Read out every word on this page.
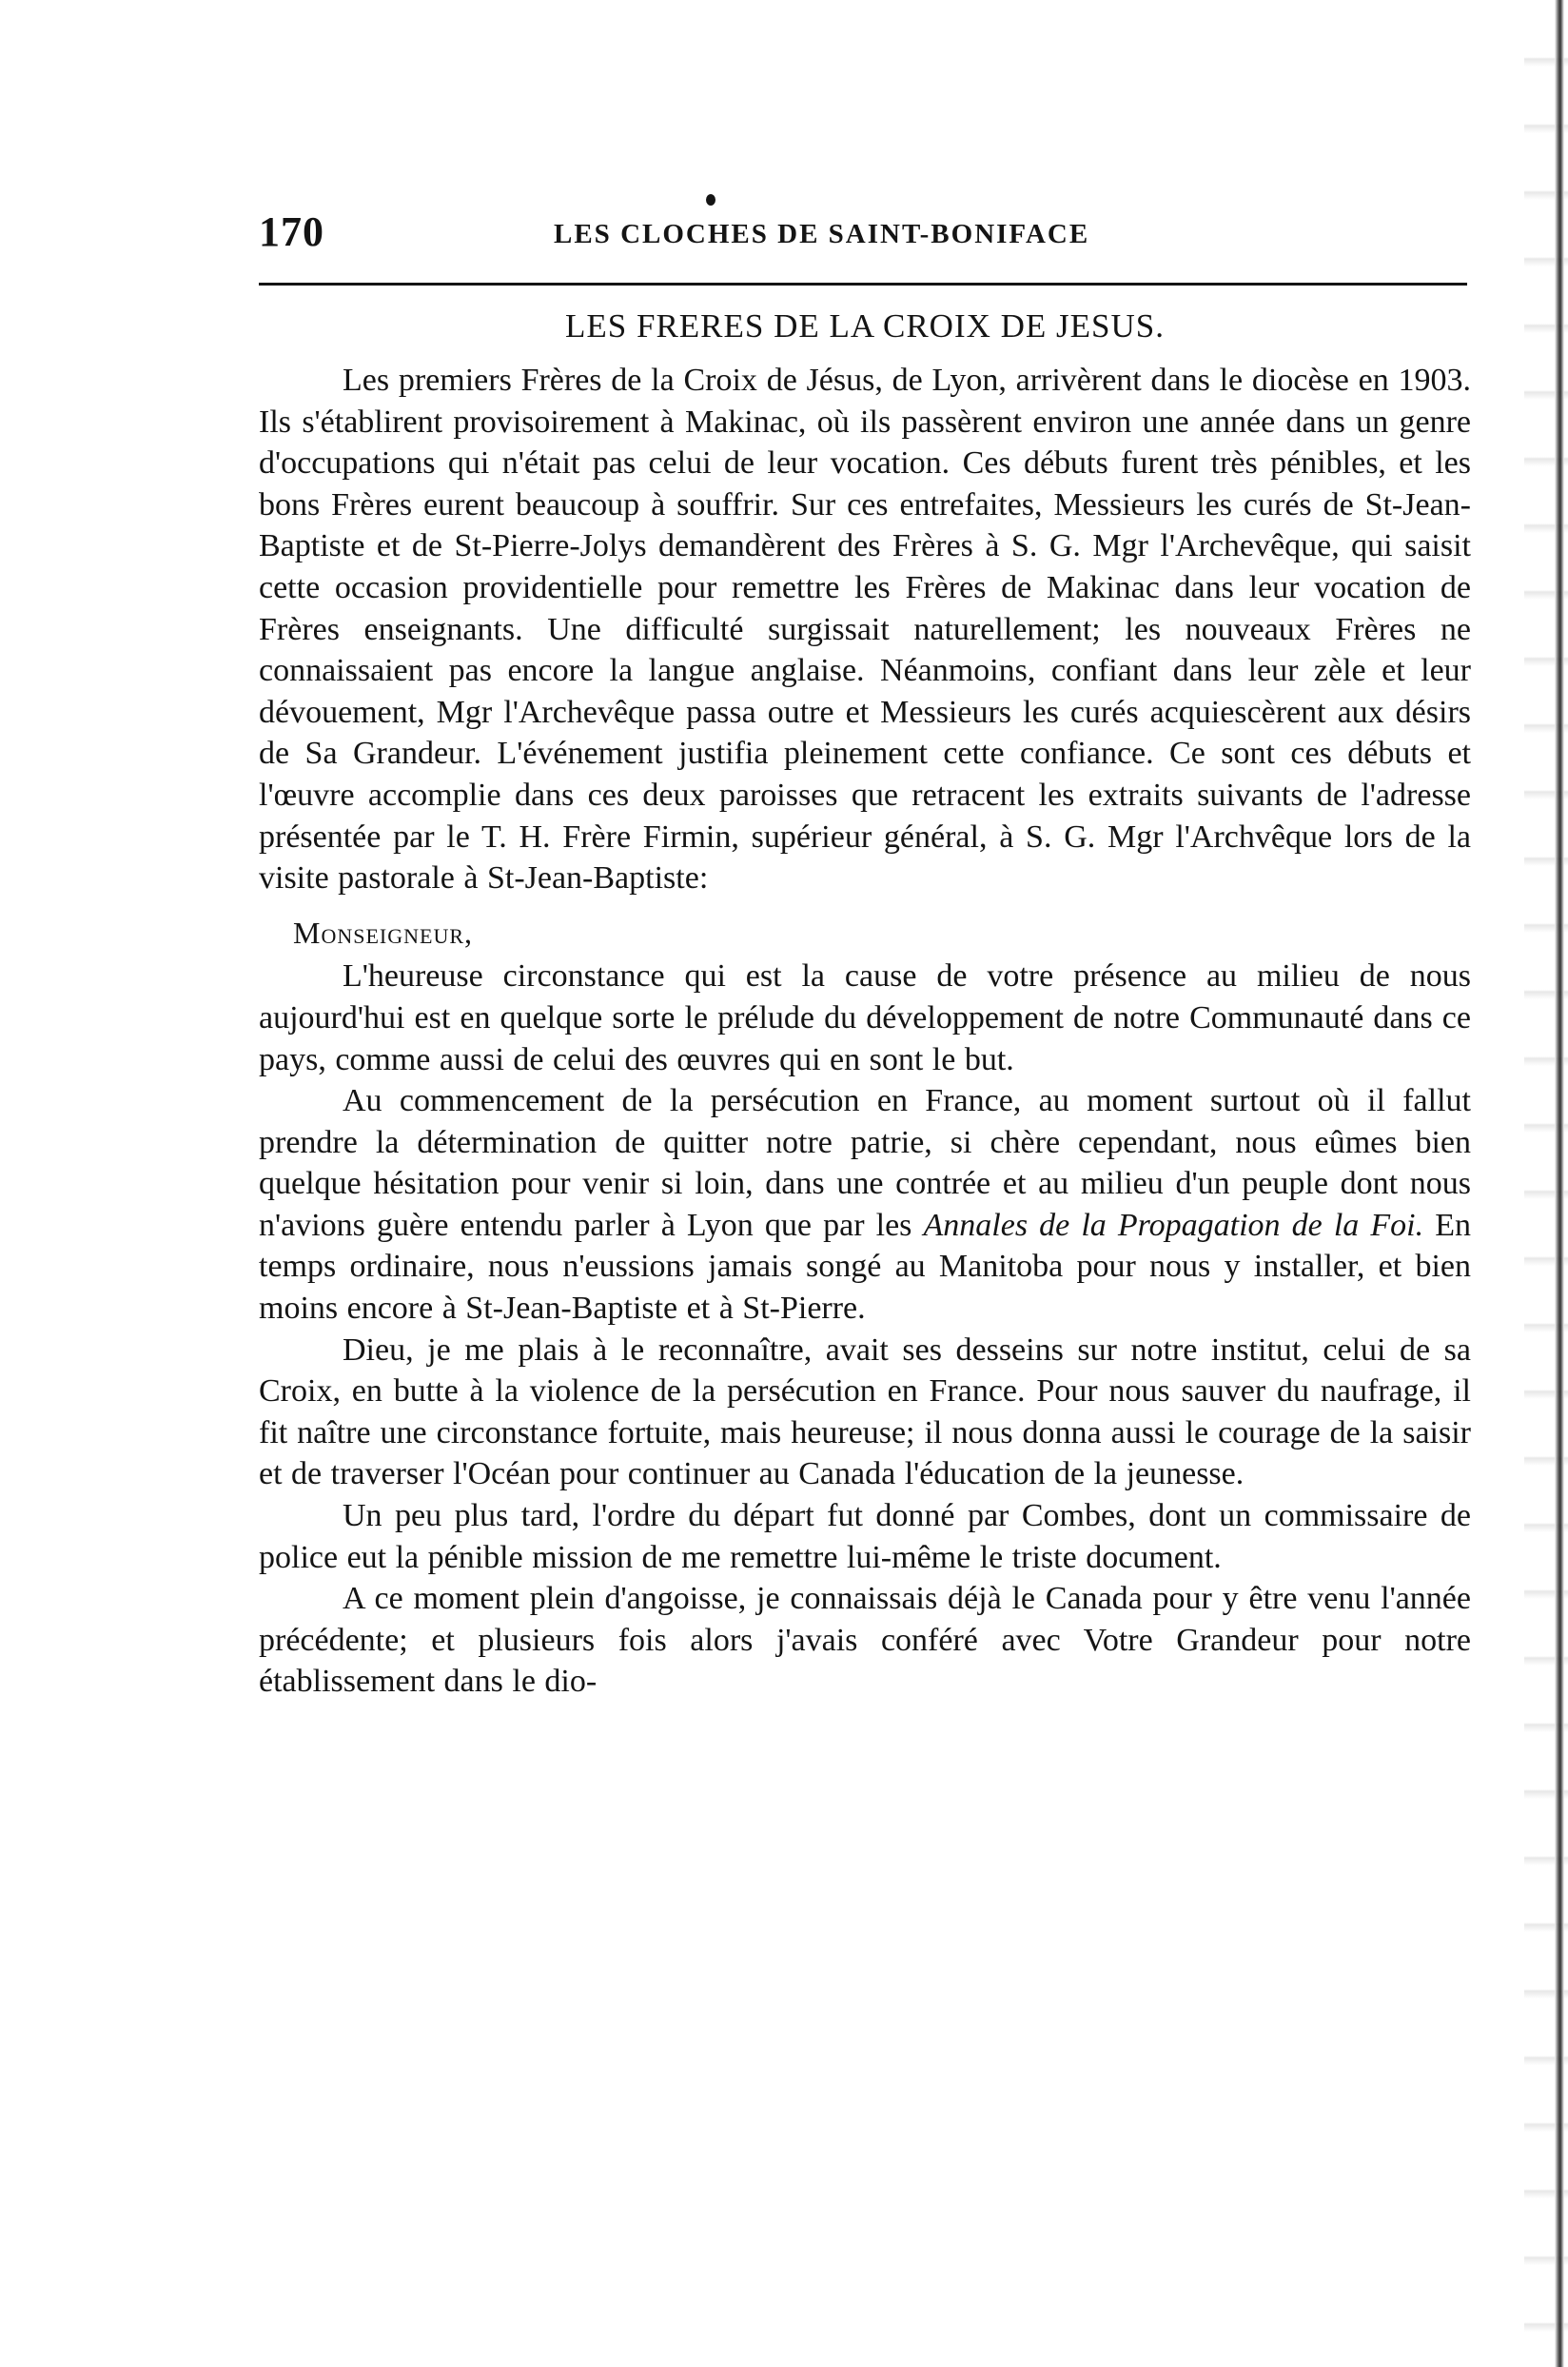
170	LES CLOCHES DE SAINT-BONIFACE
LES FRERES DE LA CROIX DE JESUS.

Les premiers Frères de la Croix de Jésus, de Lyon, arrivèrent dans le diocèse en 1903. Ils s'établirent provisoirement à Makinac, où ils passèrent environ une année dans un genre d'occupations qui n'était pas celui de leur vocation. Ces débuts furent très pénibles, et les bons Frères eurent beaucoup à souffrir. Sur ces entrefaites, Messieurs les curés de St-Jean-Baptiste et de St-Pierre-Jolys demandèrent des Frères à S. G. Mgr l'Archevêque, qui saisit cette occasion providentielle pour remettre les Frères de Makinac dans leur vocation de Frères enseignants. Une difficulté surgissait naturellement; les nouveaux Frères ne connaissaient pas encore la langue anglaise. Néanmoins, confiant dans leur zèle et leur dévouement, Mgr l'Archevêque passa outre et Messieurs les curés acquiescèrent aux désirs de Sa Grandeur. L'événement justifia pleinement cette confiance. Ce sont ces débuts et l'œuvre accomplie dans ces deux paroisses que retracent les extraits suivants de l'adresse présentée par le T. H. Frère Firmin, supérieur général, à S. G. Mgr l'Archvêque lors de la visite pastorale à St-Jean-Baptiste:

Monseigneur,

L'heureuse circonstance qui est la cause de votre présence au milieu de nous aujourd'hui est en quelque sorte le prélude du développement de notre Communauté dans ce pays, comme aussi de celui des œuvres qui en sont le but.

Au commencement de la persécution en France, au moment surtout où il fallut prendre la détermination de quitter notre patrie, si chère cependant, nous eûmes bien quelque hésitation pour venir si loin, dans une contrée et au milieu d'un peuple dont nous n'avions guère entendu parler à Lyon que par les Annales de la Propagation de la Foi. En temps ordinaire, nous n'eussions jamais songé au Manitoba pour nous y installer, et bien moins encore à St-Jean-Baptiste et à St-Pierre.

Dieu, je me plais à le reconnaître, avait ses desseins sur notre institut, celui de sa Croix, en butte à la violence de la persécution en France. Pour nous sauver du naufrage, il fit naître une circonstance fortuite, mais heureuse; il nous donna aussi le courage de la saisir et de traverser l'Océan pour continuer au Canada l'éducation de la jeunesse.

Un peu plus tard, l'ordre du départ fut donné par Combes, dont un commissaire de police eut la pénible mission de me remettre lui-même le triste document.

A ce moment plein d'angoisse, je connaissais déjà le Canada pour y être venu l'année précédente; et plusieurs fois alors j'avais conféré avec Votre Grandeur pour notre établissement dans le dio-
